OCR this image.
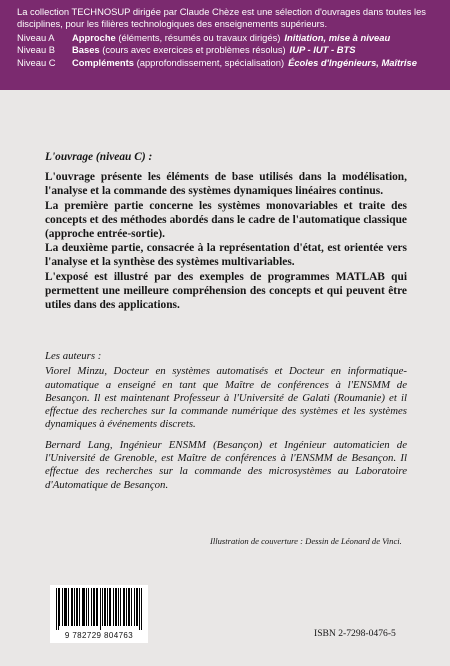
La collection TECHNOSUP dirigée par Claude Chèze est une sélection d'ouvrages dans toutes les disciplines, pour les filières technologiques des enseignements supérieurs.

Niveau A Approche (éléments, résumés ou travaux dirigés) Initiation, mise à niveau
Niveau B Bases (cours avec exercices et problèmes résolus) IUP - IUT - BTS
Niveau C Compléments (approfondissement, spécialisation) Écoles d'Ingénieurs, Maîtrise

L'ouvrage (niveau C) :

L'ouvrage présente les éléments de base utilisés dans la modélisation, l'analyse et la commande des systèmes dynamiques linéaires continus.

La première partie concerne les systèmes monovariables et traite des concepts et des méthodes abordés dans le cadre de l'automatique classique (approche entrée-sortie).

La deuxième partie, consacrée à la représentation d'état, est orientée vers l'analyse et la synthèse des systèmes multivariables.

L'exposé est illustré par des exemples de programmes MATLAB qui permettent une meilleure compréhension des concepts et qui peuvent être utiles dans des applications.

Les auteurs :

Viorel Minzu, Docteur en systèmes automatisés et Docteur en informatique-automatique a enseigné en tant que Maître de conférences à l'ENSMM de Besançon. Il est maintenant Professeur à l'Université de Galati (Roumanie) et il effectue des recherches sur la commande numérique des systèmes et les systèmes dynamiques à événements discrets.

Bernard Lang, Ingénieur ENSMM (Besançon) et Ingénieur automaticien de l'Université de Grenoble, est Maître de conférences à l'ENSMM de Besançon. Il effectue des recherches sur la commande des microsystèmes au Laboratoire d'Automatique de Besançon.

Illustration de couverture : Dessin de Léonard de Vinci.
9 782729 804763	ISBN 2-7298-0476-5
